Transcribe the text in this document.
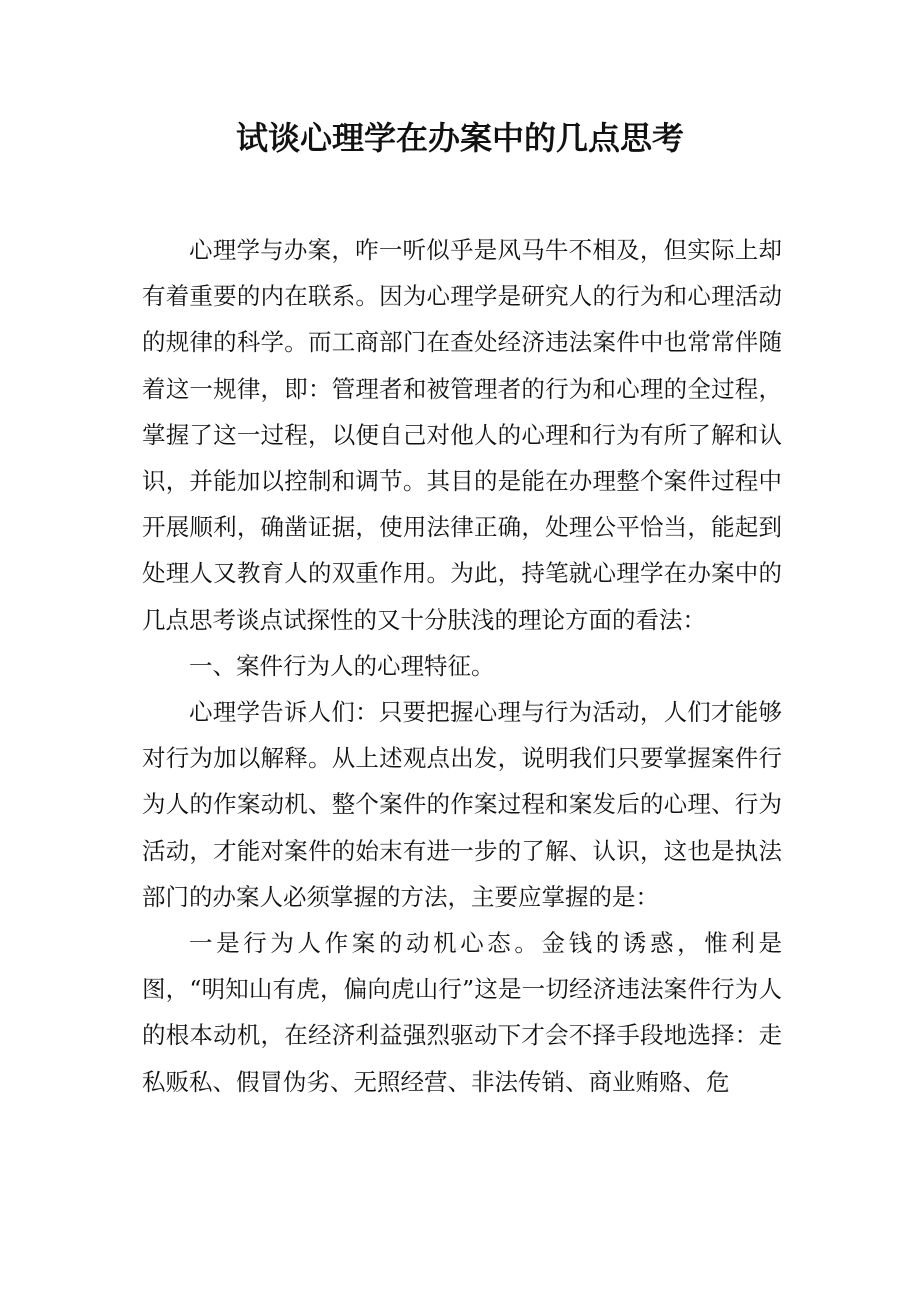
试谈心理学在办案中的几点思考

心理学与办案，咋一听似乎是风马牛不相及，但实际上却有着重要的内在联系。因为心理学是研究人的行为和心理活动的规律的科学。而工商部门在查处经济违法案件中也常常伴随着这一规律，即：管理者和被管理者的行为和心理的全过程，掌握了这一过程，以便自己对他人的心理和行为有所了解和认识，并能加以控制和调节。其目的是能在办理整个案件过程中开展顺利，确凿证据，使用法律正确，处理公平恰当，能起到处理人又教育人的双重作用。为此，持笔就心理学在办案中的几点思考谈点试探性的又十分肤浅的理论方面的看法：

一、案件行为人的心理特征。

心理学告诉人们：只要把握心理与行为活动，人们才能够对行为加以解释。从上述观点出发，说明我们只要掌握案件行为人的作案动机、整个案件的作案过程和案发后的心理、行为活动，才能对案件的始末有进一步的了解、认识，这也是执法部门的办案人必须掌握的方法，主要应掌握的是：

一是行为人作案的动机心态。金钱的诱惑，惟利是图，“明知山有虎，偏向虎山行”这是一切经济违法案件行为人的根本动机，在经济利益强烈驱动下才会不择手段地选择：走私贩私、假冒伪劣、无照经营、非法传销、商业贿赂、危
